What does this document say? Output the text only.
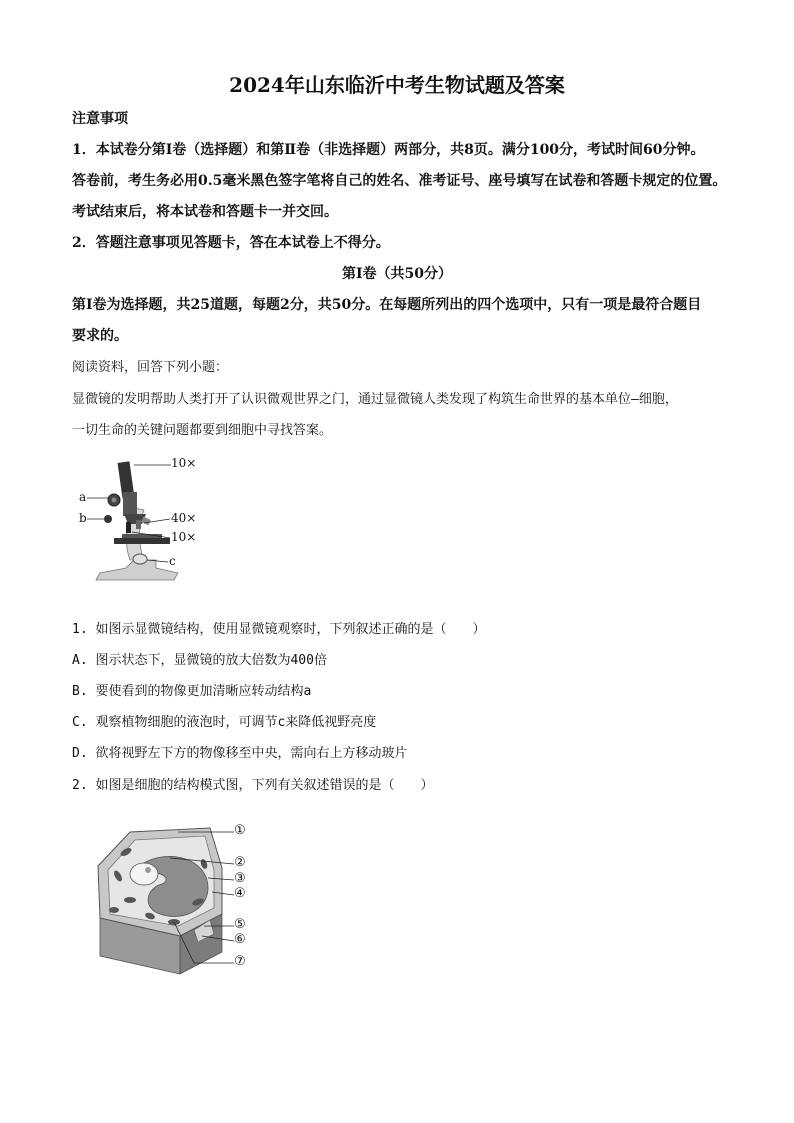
2024年山东临沂中考生物试题及答案
注意事项
1．本试卷分第Ⅰ卷（选择题）和第Ⅱ卷（非选择题）两部分，共8页。满分100分，考试时间60分钟。
答卷前，考生务必用0.5毫米黑色签字笔将自己的姓名、准考证号、座号填写在试卷和答题卡规定的位置。
考试结束后，将本试卷和答题卡一并交回。
2．答题注意事项见答题卡，答在本试卷上不得分。
第Ⅰ卷（共50分）
第Ⅰ卷为选择题，共25道题，每题2分，共50分。在每题所列出的四个选项中，只有一项是最符合题目
要求的。
阅读资料，回答下列小题：
显微镜的发明帮助人类打开了认识微观世界之门，通过显微镜人类发现了构筑生命世界的基本单位—细胞，
一切生命的关键问题都要到细胞中寻找答案。
10×
a
b	40×
10×
c
1. 如图示显微镜结构，使用显微镜观察时，下列叙述正确的是（　　）
A. 图示状态下，显微镜的放大倍数为400倍
B. 要使看到的物像更加清晰应转动结构a
C. 观察植物细胞的液泡时，可调节c来降低视野亮度
D. 欲将视野左下方的物像移至中央，需向右上方移动玻片
2. 如图是细胞的结构模式图，下列有关叙述错误的是（　　）
①
②
③
④
⑤
⑥
⑦
